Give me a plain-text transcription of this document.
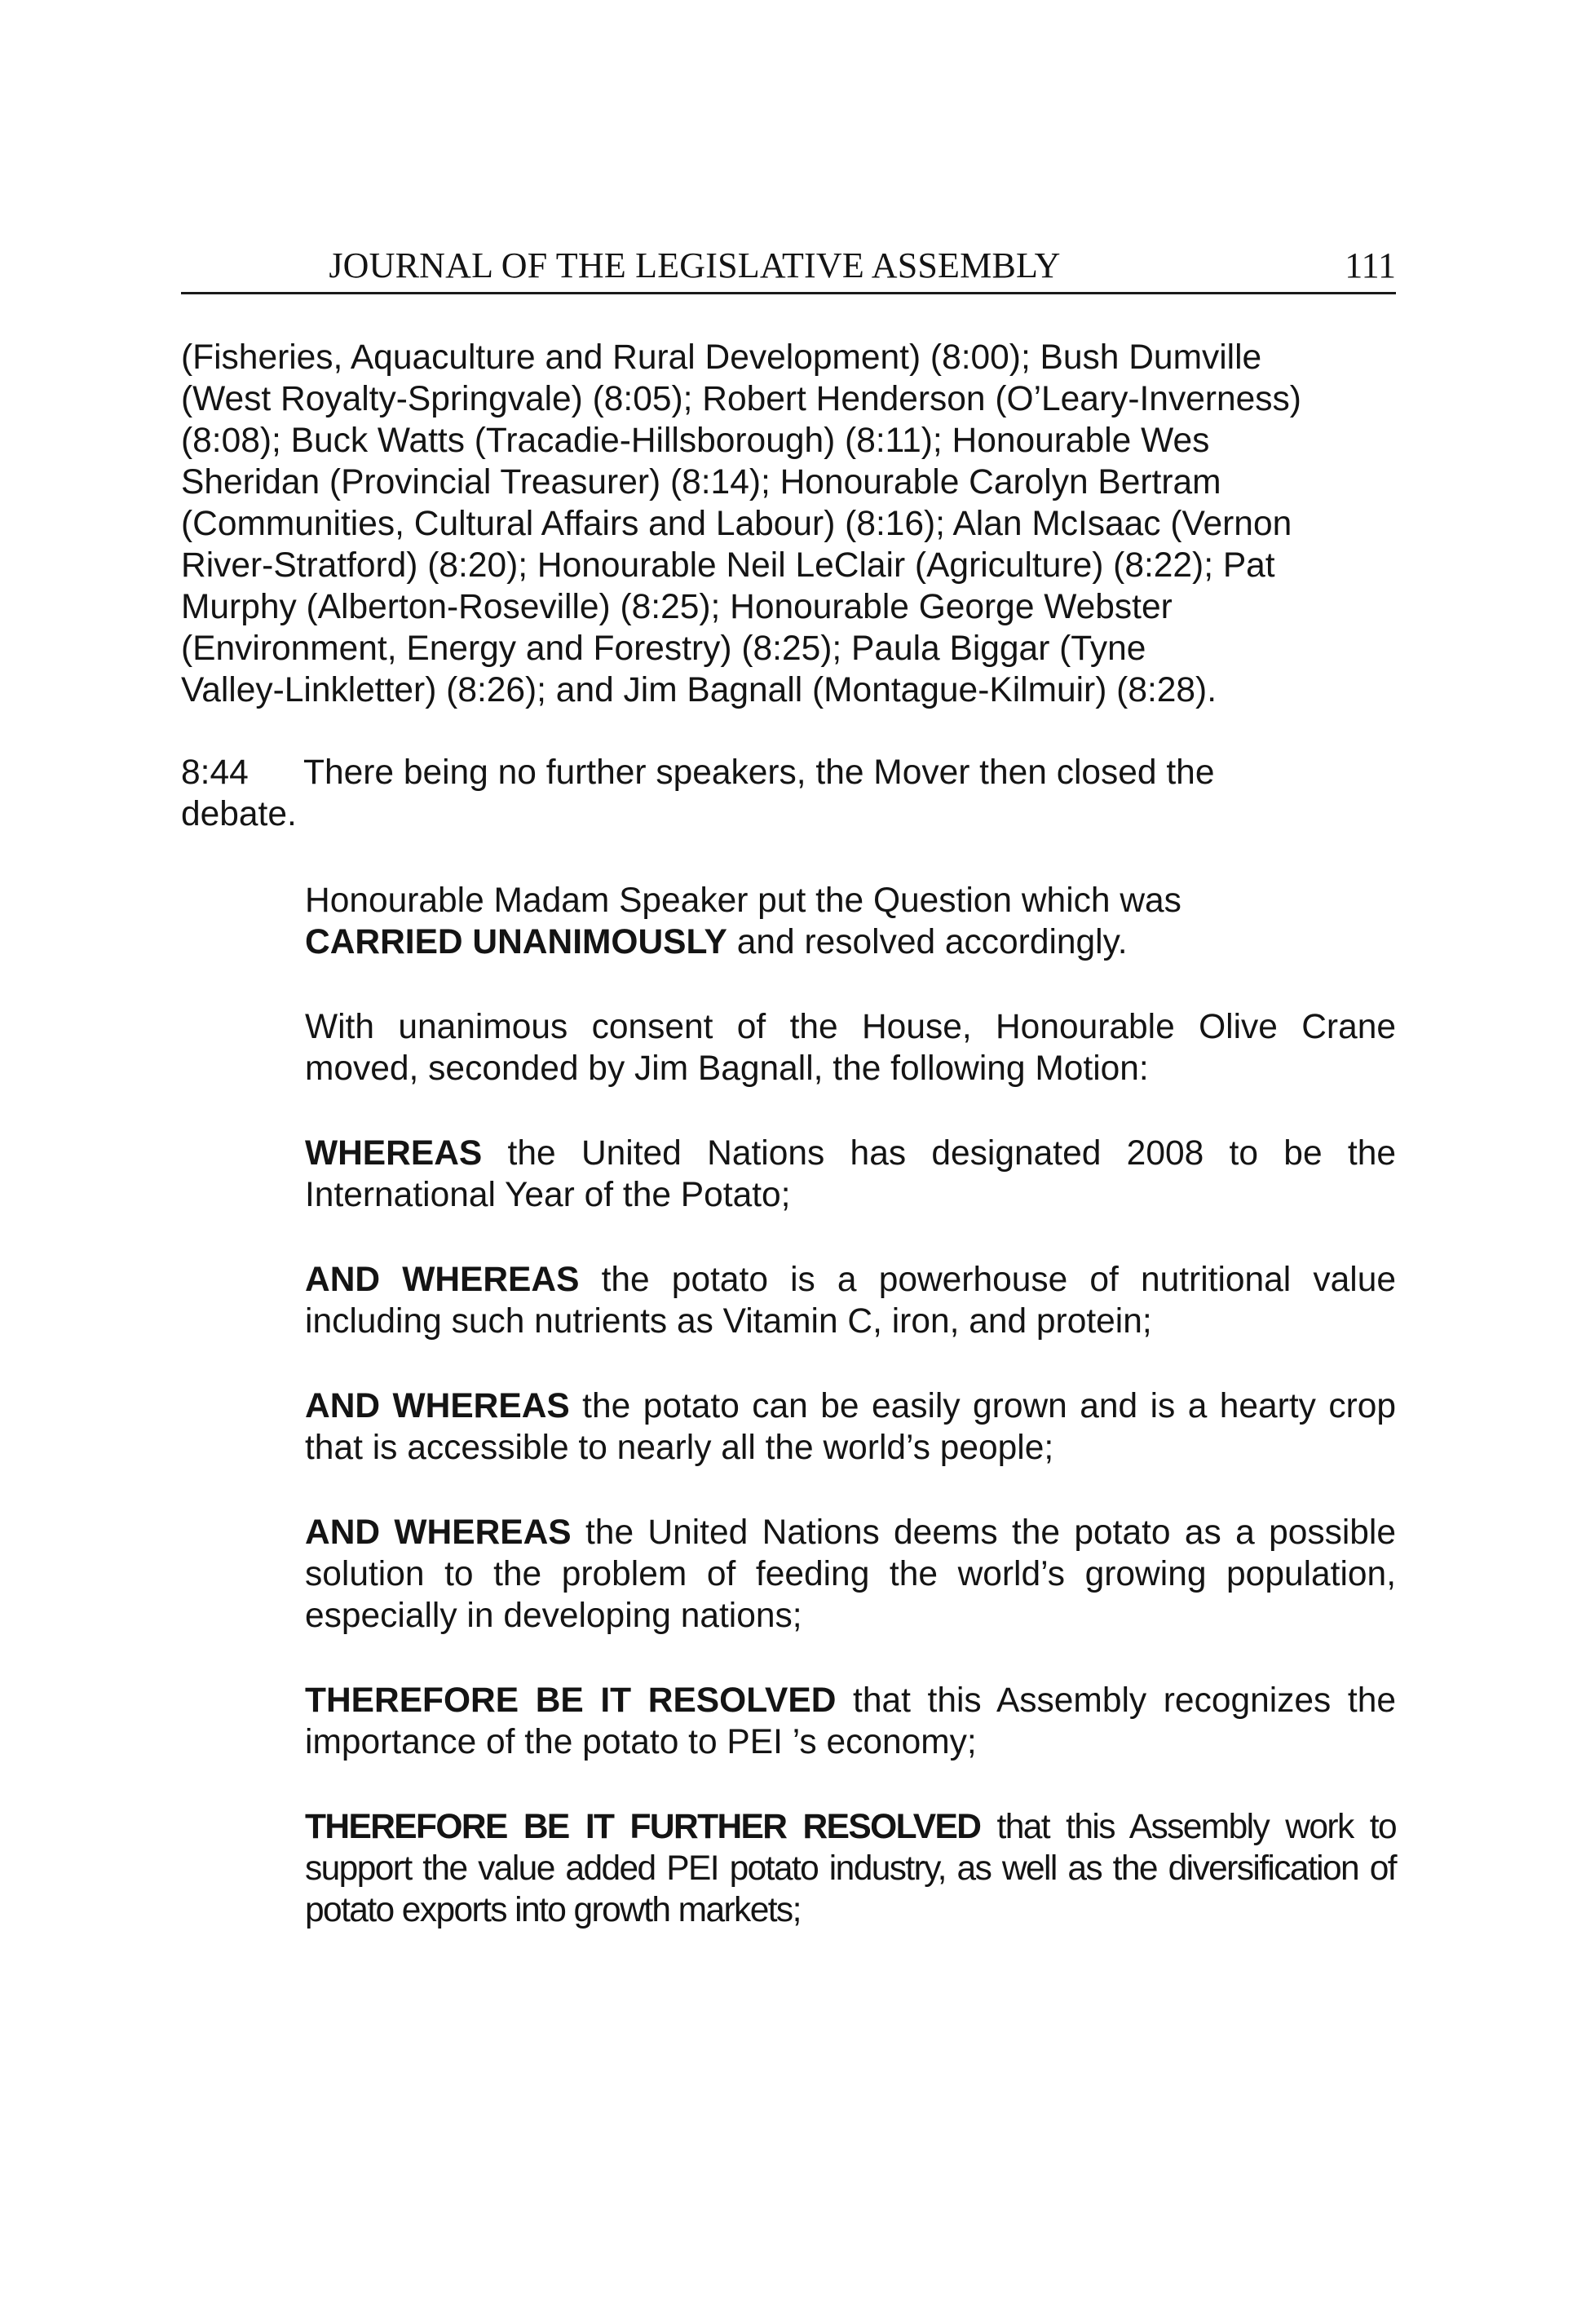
JOURNAL OF THE LEGISLATIVE ASSEMBLY	111
(Fisheries, Aquaculture and Rural Development) (8:00); Bush Dumville
(West Royalty-Springvale) (8:05); Robert Henderson (O’Leary-Inverness)
(8:08); Buck Watts (Tracadie-Hillsborough) (8:11); Honourable Wes
Sheridan (Provincial Treasurer) (8:14); Honourable Carolyn Bertram
(Communities, Cultural Affairs and Labour) (8:16); Alan McIsaac (Vernon
River-Stratford) (8:20); Honourable Neil LeClair (Agriculture) (8:22); Pat
Murphy (Alberton-Roseville) (8:25); Honourable George Webster
(Environment, Energy and Forestry) (8:25); Paula Biggar (Tyne
Valley-Linkletter) (8:26); and Jim Bagnall (Montague-Kilmuir) (8:28).
8:44 There being no further speakers, the Mover then closed the
debate.
Honourable Madam Speaker put the Question which was
CARRIED UNANIMOUSLY and resolved accordingly.
With unanimous consent of the House, Honourable Olive Crane moved, seconded by Jim Bagnall, the following Motion:
WHEREAS the United Nations has designated 2008 to be the International Year of the Potato;
AND WHEREAS the potato is a powerhouse of nutritional value including such nutrients as Vitamin C, iron, and protein;
AND WHEREAS the potato can be easily grown and is a hearty crop that is accessible to nearly all the world’s people;
AND WHEREAS the United Nations deems the potato as a possible solution to the problem of feeding the world’s growing population, especially in developing nations;
THEREFORE BE IT RESOLVED that this Assembly recognizes the importance of the potato to PEI ’s economy;
THEREFORE BE IT FURTHER RESOLVED that this Assembly work to support the value added PEI potato industry, as well as the diversification of potato exports into growth markets;
